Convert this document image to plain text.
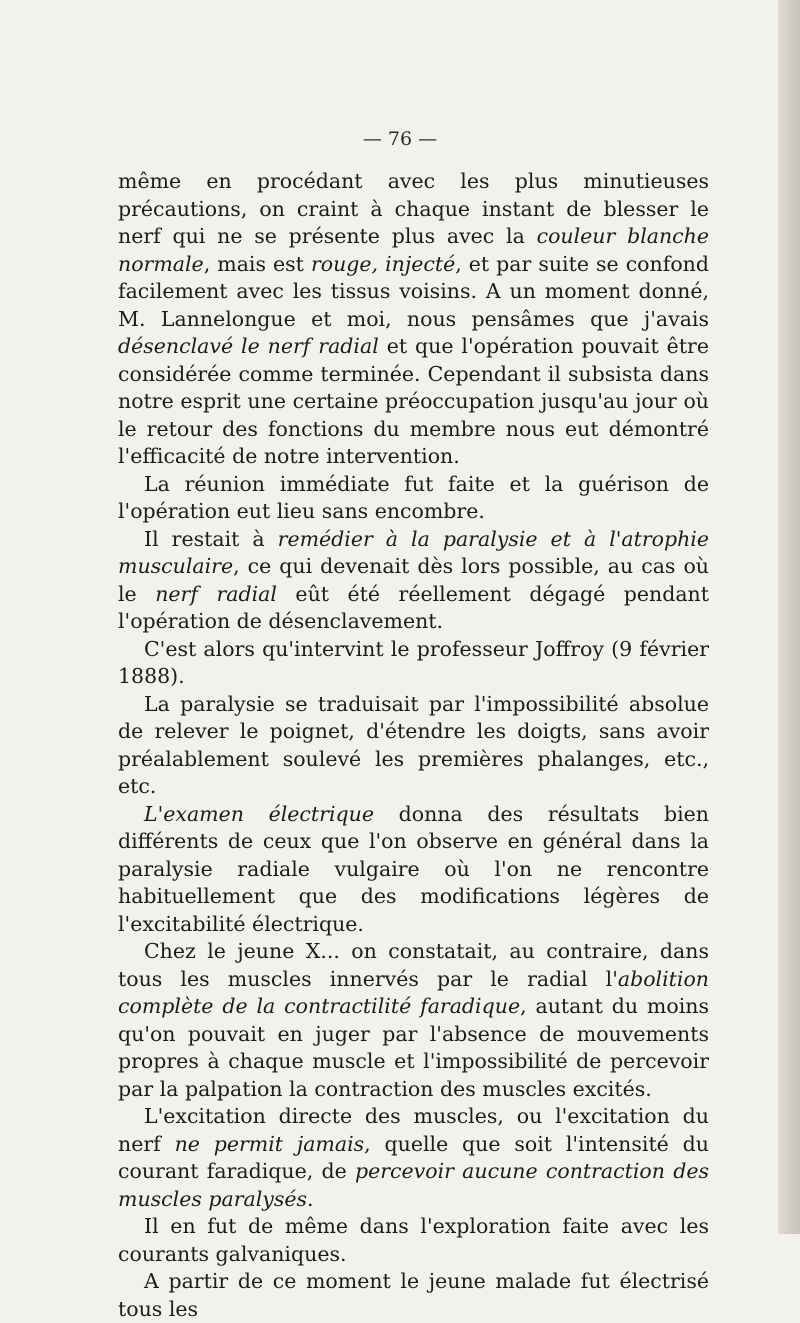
— 76 —

même en procédant avec les plus minutieuses précautions, on craint à chaque instant de blesser le nerf qui ne se présente plus avec la couleur blanche normale, mais est rouge, injecté, et par suite se confond facilement avec les tissus voisins. A un moment donné, M. Lannelongue et moi, nous pensâmes que j'avais désenclavé le nerf radial et que l'opération pouvait être considérée comme terminée. Cependant il subsista dans notre esprit une certaine préoccupation jusqu'au jour où le retour des fonctions du membre nous eut démontré l'efficacité de notre intervention.

La réunion immédiate fut faite et la guérison de l'opération eut lieu sans encombre.

Il restait à remédier à la paralysie et à l'atrophie musculaire, ce qui devenait dès lors possible, au cas où le nerf radial eût été réellement dégagé pendant l'opération de désenclavement.

C'est alors qu'intervint le professeur Joffroy (9 février 1888).

La paralysie se traduisait par l'impossibilité absolue de relever le poignet, d'étendre les doigts, sans avoir préalablement soulevé les premières phalanges, etc., etc.

L'examen électrique donna des résultats bien différents de ceux que l'on observe en général dans la paralysie radiale vulgaire où l'on ne rencontre habituellement que des modifications légères de l'excitabilité électrique.

Chez le jeune X... on constatait, au contraire, dans tous les muscles innervés par le radial l'abolition complète de la contractilité faradique, autant du moins qu'on pouvait en juger par l'absence de mouvements propres à chaque muscle et l'impossibilité de percevoir par la palpation la contraction des muscles excités.

L'excitation directe des muscles, ou l'excitation du nerf ne permit jamais, quelle que soit l'intensité du courant faradique, de percevoir aucune contraction des muscles paralysés.

Il en fut de même dans l'exploration faite avec les courants galvaniques.

A partir de ce moment le jeune malade fut électrisé tous les
